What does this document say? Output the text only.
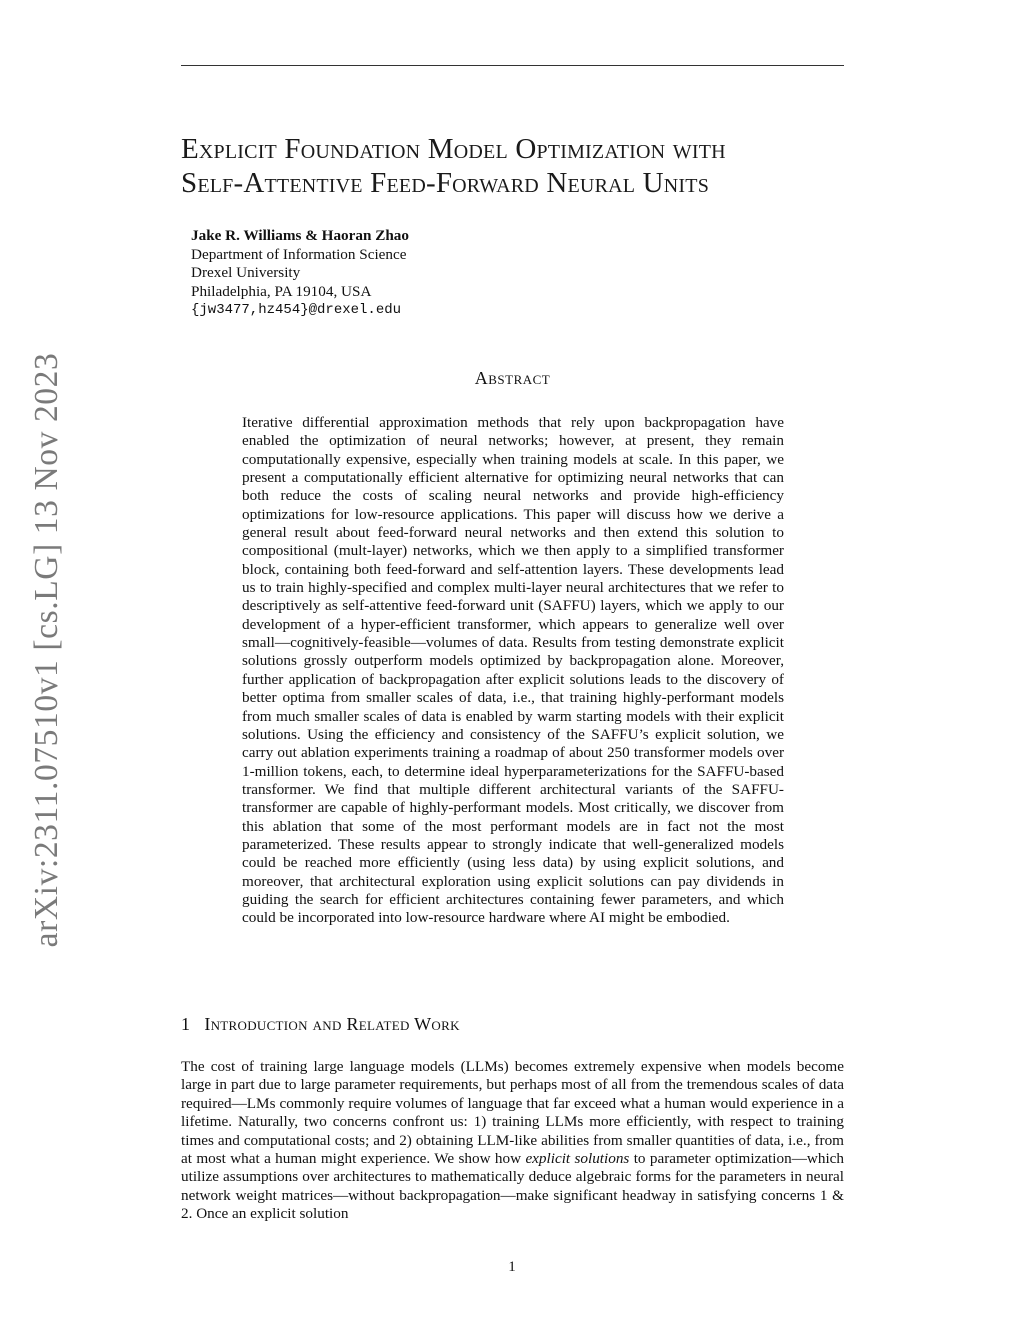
arXiv:2311.07510v1 [cs.LG] 13 Nov 2023
Explicit Foundation Model Optimization with
Self-Attentive Feed-Forward Neural Units
Jake R. Williams & Haoran Zhao
Department of Information Science
Drexel University
Philadelphia, PA 19104, USA
{jw3477,hz454}@drexel.edu
Abstract

Iterative differential approximation methods that rely upon backpropagation have enabled the optimization of neural networks; however, at present, they remain computationally expensive, especially when training models at scale. In this paper, we present a computationally efficient alternative for optimizing neural networks that can both reduce the costs of scaling neural networks and provide high-efficiency optimizations for low-resource applications. This paper will discuss how we derive a general result about feed-forward neural networks and then extend this solution to compositional (mult-layer) networks, which we then apply to a simplified transformer block, containing both feed-forward and self-attention layers. These developments lead us to train highly-specified and complex multi-layer neural architectures that we refer to descriptively as self-attentive feed-forward unit (SAFFU) layers, which we apply to our development of a hyper-efficient transformer, which appears to generalize well over small—cognitively-feasible—volumes of data. Results from testing demonstrate explicit solutions grossly outperform models optimized by backpropagation alone. Moreover, further application of backpropagation after explicit solutions leads to the discovery of better optima from smaller scales of data, i.e., that training highly-performant models from much smaller scales of data is enabled by warm starting models with their explicit solutions. Using the efficiency and consistency of the SAFFU’s explicit solution, we carry out ablation experiments training a roadmap of about 250 transformer models over 1-million tokens, each, to determine ideal hyperparameterizations for the SAFFU-based transformer. We find that multiple different architectural variants of the SAFFU-transformer are capable of highly-performant models. Most critically, we discover from this ablation that some of the most performant models are in fact not the most parameterized. These results appear to strongly indicate that well-generalized models could be reached more efficiently (using less data) by using explicit solutions, and moreover, that architectural exploration using explicit solutions can pay dividends in guiding the search for efficient architectures containing fewer parameters, and which could be incorporated into low-resource hardware where AI might be embodied.

1 Introduction and Related Work

The cost of training large language models (LLMs) becomes extremely expensive when models become large in part due to large parameter requirements, but perhaps most of all from the tremendous scales of data required—LMs commonly require volumes of language that far exceed what a human would experience in a lifetime. Naturally, two concerns confront us: 1) training LLMs more efficiently, with respect to training times and computational costs; and 2) obtaining LLM-like abilities from smaller quantities of data, i.e., from at most what a human might experience. We show how explicit solutions to parameter optimization—which utilize assumptions over architectures to mathematically deduce algebraic forms for the parameters in neural network weight matrices—without backpropagation—make significant headway in satisfying concerns 1 & 2. Once an explicit solution

1
